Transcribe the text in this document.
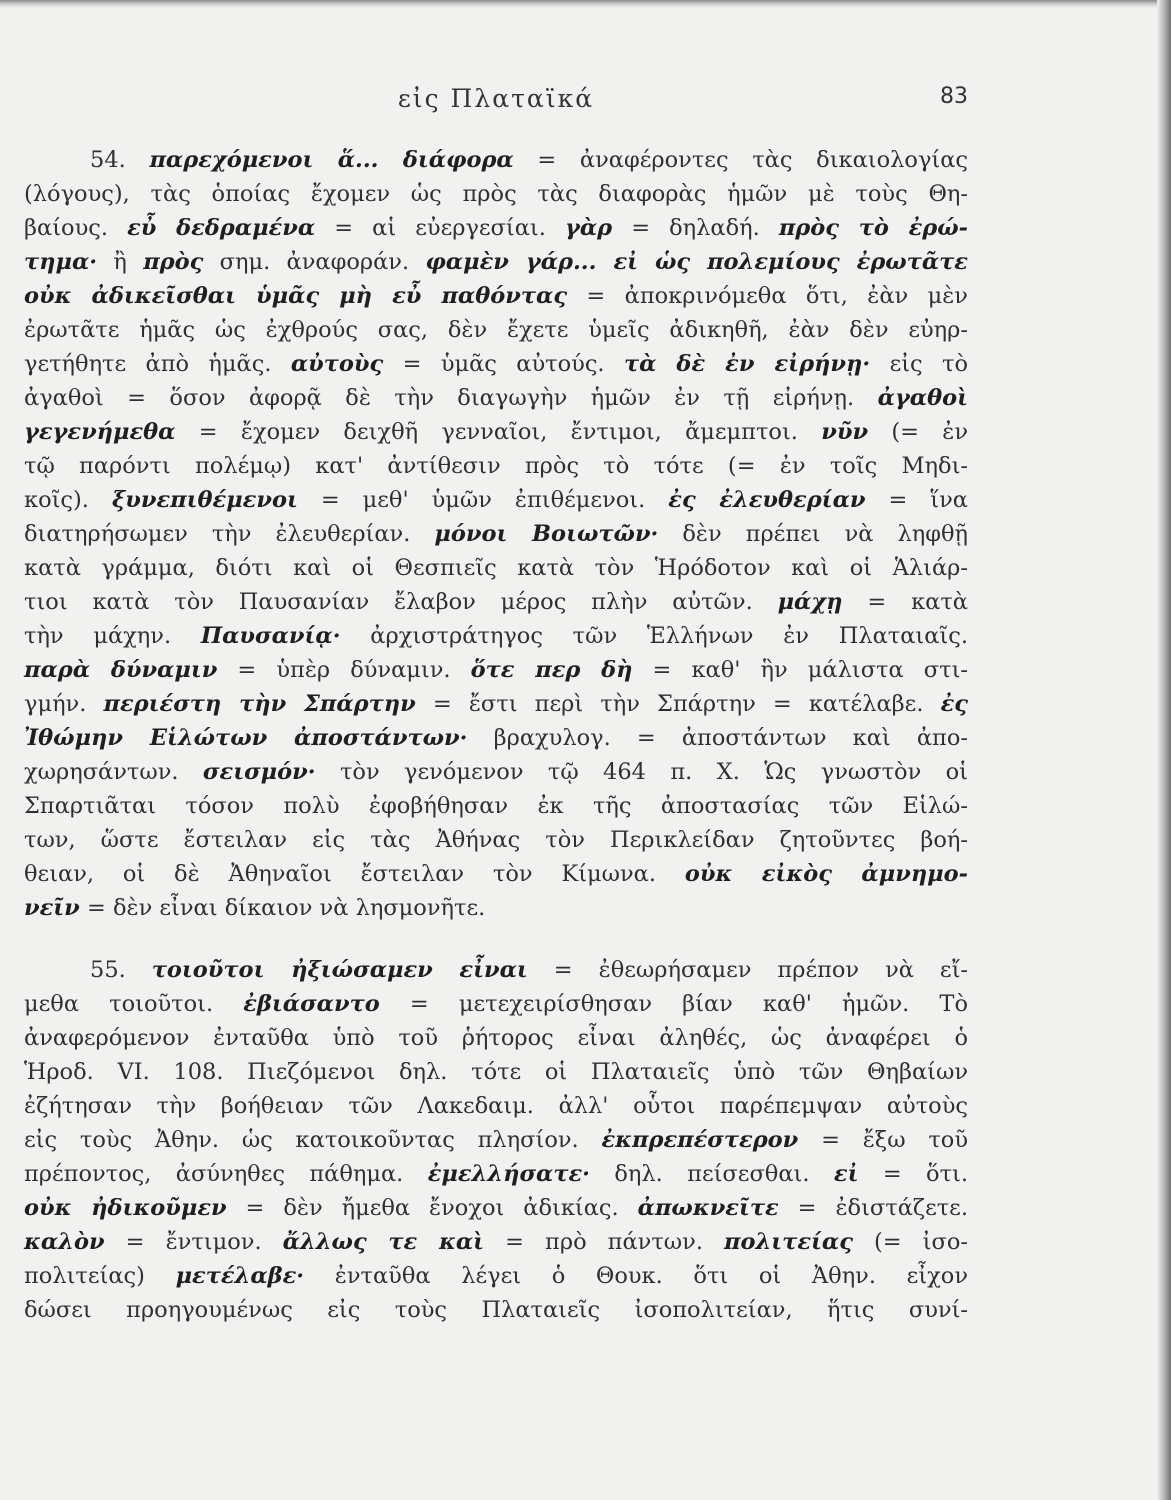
εἰς Πλαταϊκά	83
54. παρεχόμενοι ἅ... διάφορα = ἀναφέροντες τὰς δικαιολογίας
(λόγους), τὰς ὁποίας ἔχομεν ὡς πρὸς τὰς διαφορὰς ἡμῶν μὲ τοὺς Θη-
βαίους. εὖ δεδραμένα = αἱ εὐεργεσίαι. γὰρ = δηλαδή. πρὸς τὸ ἐρώ-
τημα· ἢ πρὸς σημ. ἀναφοράν. φαμὲν γάρ... εἰ ὡς πολεμίους ἐρωτᾶτε
οὐκ ἀδικεῖσθαι ὑμᾶς μὴ εὖ παθόντας = ἀποκρινόμεθα ὅτι, ἐὰν μὲν
ἐρωτᾶτε ἡμᾶς ὡς ἐχθρούς σας, δὲν ἔχετε ὑμεῖς ἀδικηθῆ, ἐὰν δὲν εὐηρ-
γετήθητε ἀπὸ ἡμᾶς. αὐτοὺς = ὑμᾶς αὐτούς. τὰ δὲ ἐν εἰρήνῃ· εἰς τὸ
ἀγαθοὶ = ὅσον ἀφορᾷ δὲ τὴν διαγωγὴν ἡμῶν ἐν τῇ εἰρήνῃ. ἀγαθοὶ
γεγενήμεθα = ἔχομεν δειχθῆ γενναῖοι, ἔντιμοι, ἄμεμπτοι. νῦν (= ἐν
τῷ παρόντι πολέμῳ) κατ' ἀντίθεσιν πρὸς τὸ τότε (= ἐν τοῖς Μηδι-
κοῖς). ξυνεπιθέμενοι = μεθ' ὑμῶν ἐπιθέμενοι. ἐς ἐλευθερίαν = ἵνα
διατηρήσωμεν τὴν ἐλευθερίαν. μόνοι Βοιωτῶν· δὲν πρέπει νὰ ληφθῇ
κατὰ γράμμα, διότι καὶ οἱ Θεσπιεῖς κατὰ τὸν Ἡρόδοτον καὶ οἱ Ἁλιάρ-
τιοι κατὰ τὸν Παυσανίαν ἔλαβον μέρος πλὴν αὐτῶν. μάχῃ = κατὰ
τὴν μάχην. Παυσανίᾳ· ἀρχιστράτηγος τῶν Ἑλλήνων ἐν Πλαταιαῖς.
παρὰ δύναμιν = ὑπὲρ δύναμιν. ὅτε περ δὴ = καθ' ἣν μάλιστα στι-
γμήν. περιέστη τὴν Σπάρτην = ἔστι περὶ τὴν Σπάρτην = κατέλαβε. ἐς
Ἰθώμην Εἱλώτων ἀποστάντων· βραχυλογ. = ἀποστάντων καὶ ἀπο-
χωρησάντων. σεισμόν· τὸν γενόμενον τῷ 464 π. Χ. Ὡς γνωστὸν οἱ
Σπαρτιᾶται τόσον πολὺ ἐφοβήθησαν ἐκ τῆς ἀποστασίας τῶν Εἱλώ-
των, ὥστε ἔστειλαν εἰς τὰς Ἀθήνας τὸν Περικλείδαν ζητοῦντες βοή-
θειαν, οἱ δὲ Ἀθηναῖοι ἔστειλαν τὸν Κίμωνα. οὐκ εἰκὸς ἀμνημο-
νεῖν = δὲν εἶναι δίκαιον νὰ λησμονῆτε.
55. τοιοῦτοι ἠξιώσαμεν εἶναι = ἐθεωρήσαμεν πρέπον νὰ εἴ-
μεθα τοιοῦτοι. ἐβιάσαντο = μετεχειρίσθησαν βίαν καθ' ἡμῶν. Τὸ
ἀναφερόμενον ἐνταῦθα ὑπὸ τοῦ ῥήτορος εἶναι ἀληθές, ὡς ἀναφέρει ὁ
Ἡροδ. VI. 108. Πιεζόμενοι δηλ. τότε οἱ Πλαταιεῖς ὑπὸ τῶν Θηβαίων
ἐζήτησαν τὴν βοήθειαν τῶν Λακεδαιμ. ἀλλ' οὗτοι παρέπεμψαν αὐτοὺς
εἰς τοὺς Ἀθην. ὡς κατοικοῦντας πλησίον. ἐκπρεπέστερον = ἔξω τοῦ
πρέποντος, ἀσύνηθες πάθημα. ἐμελλήσατε· δηλ. πείσεσθαι. εἰ = ὅτι.
οὐκ ἠδικοῦμεν = δὲν ἤμεθα ἔνοχοι ἀδικίας. ἀπωκνεῖτε = ἐδιστάζετε.
καλὸν = ἔντιμον. ἄλλως τε καὶ = πρὸ πάντων. πολιτείας (= ἰσο-
πολιτείας) μετέλαβε· ἐνταῦθα λέγει ὁ Θουκ. ὅτι οἱ Ἀθην. εἶχον
δώσει προηγουμένως εἰς τοὺς Πλαταιεῖς ἰσοπολιτείαν, ἥτις συνί-
